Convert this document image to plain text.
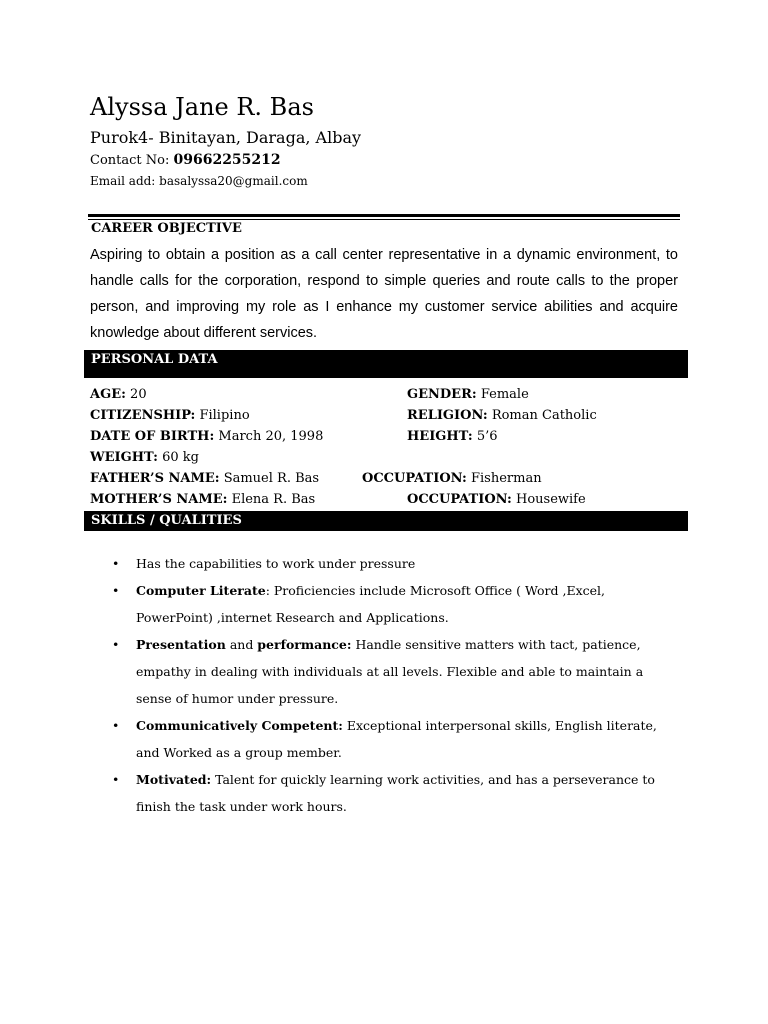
Alyssa Jane R. Bas
Purok4- Binitayan, Daraga, Albay
Contact No: 09662255212
Email add: basalyssa20@gmail.com
CAREER OBJECTIVE
Aspiring to obtain a position as a call center representative in a dynamic environment, to handle calls for the corporation, respond to simple queries and route calls to the proper person, and improving my role as I enhance my customer service abilities and acquire knowledge about different services.
PERSONAL DATA
AGE: 20	GENDER: Female
CITIZENSHIP: Filipino	RELIGION: Roman Catholic
DATE OF BIRTH: March 20, 1998	HEIGHT: 5’6
WEIGHT: 60 kg
FATHER’S NAME: Samuel R. Bas	OCCUPATION: Fisherman
MOTHER’S NAME: Elena R. Bas	OCCUPATION: Housewife
SKILLS / QUALITIES
• Has the capabilities to work under pressure
• Computer Literate: Proficiencies include Microsoft Office ( Word ,Excel, PowerPoint) ,internet Research and Applications.
• Presentation and performance: Handle sensitive matters with tact, patience, empathy in dealing with individuals at all levels. Flexible and able to maintain a sense of humor under pressure.
• Communicatively Competent: Exceptional interpersonal skills, English literate, and Worked as a group member.
• Motivated: Talent for quickly learning work activities, and has a perseverance to finish the task under work hours.
